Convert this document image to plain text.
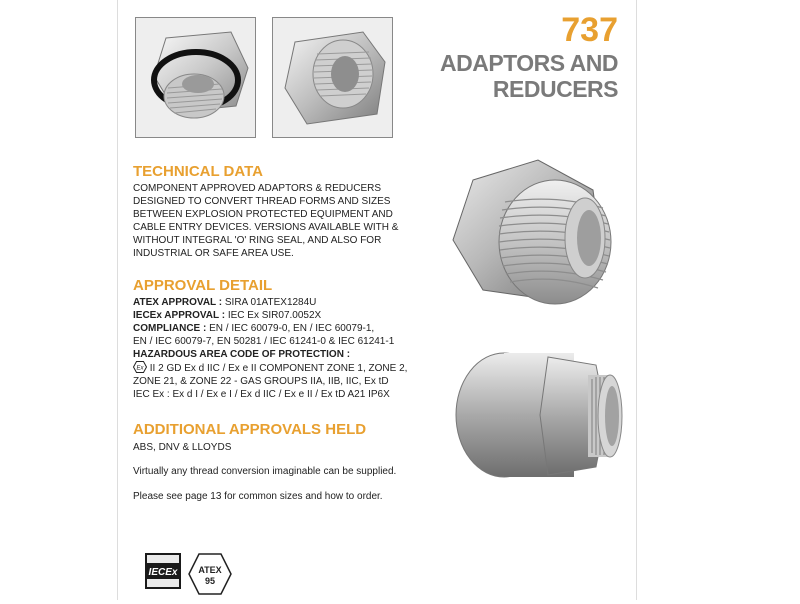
737
ADAPTORS AND
REDUCERS
TECHNICAL DATA
COMPONENT APPROVED ADAPTORS & REDUCERS
DESIGNED TO CONVERT THREAD FORMS AND SIZES
BETWEEN EXPLOSION PROTECTED EQUIPMENT AND
CABLE ENTRY DEVICES. VERSIONS AVAILABLE WITH &
WITHOUT INTEGRAL 'O' RING SEAL, AND ALSO FOR
INDUSTRIAL OR SAFE AREA USE.
APPROVAL DETAIL
ATEX APPROVAL : SIRA 01ATEX1284U
IECEx APPROVAL : IEC Ex SIR07.0052X
COMPLIANCE : EN / IEC 60079-0, EN / IEC 60079-1,
EN / IEC 60079-7, EN 50281 / IEC 61241-0 & IEC 61241-1
HAZARDOUS AREA CODE OF PROTECTION :
Ex II 2 GD Ex d IIC / Ex e II COMPONENT ZONE 1, ZONE 2,
ZONE 21, & ZONE 22 - GAS GROUPS IIA, IIB, IIC, Ex tD
IEC Ex : Ex d I / Ex e I / Ex d IIC / Ex e II / Ex tD A21 IP6X
ADDITIONAL APPROVALS HELD
ABS, DNV & LLOYDS
Virtually any thread conversion imaginable can be supplied.
Please see page 13 for common sizes and how to order.
IECEx ATEX
95
